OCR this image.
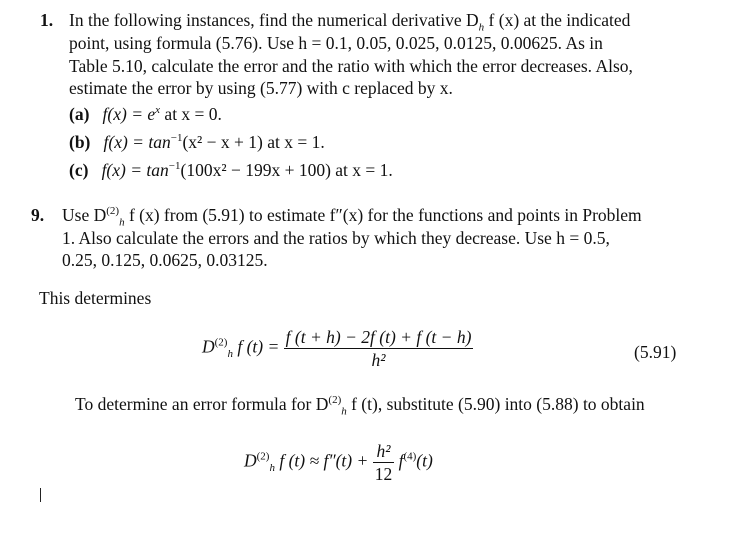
1. In the following instances, find the numerical derivative $D_h$ f (x) at the indicated
point, using formula (5.76). Use h = 0.1, 0.05, 0.025, 0.0125, 0.00625. As in
Table 5.10, calculate the error and the ratio with which the error decreases. Also,
estimate the error by using (5.77) with c replaced by x.
(a) $f(x) = e^x$ at x = 0.
(b) $f(x) = \tan^{-1}(x^2 - x + 1)$ at x = 1.
(c) $f(x) = \tan^{-1}(100x^2 - 199x + 100)$ at x = 1.
9. Use $D^{(2)}_h$ f (x) from (5.91) to estimate f″(x) for the functions and points in Problem
1. Also calculate the errors and the ratios by which they decrease. Use h = 0.5,
0.25, 0.125, 0.0625, 0.03125.
This determines
$D^{(2)}_h$ f $(t) = \frac{f (t + h) - 2f (t) + f (t - h)}{\text{h²}}$	(5.91)
To determine an error formula for $D^{(2)}_h$ f (t), substitute (5.90) into (5.88) to obtain
$D^{(2)}_h$ f $(t) \approx f''(t) + \frac{\text{h²}}{12} f^{(4)}(t)$
